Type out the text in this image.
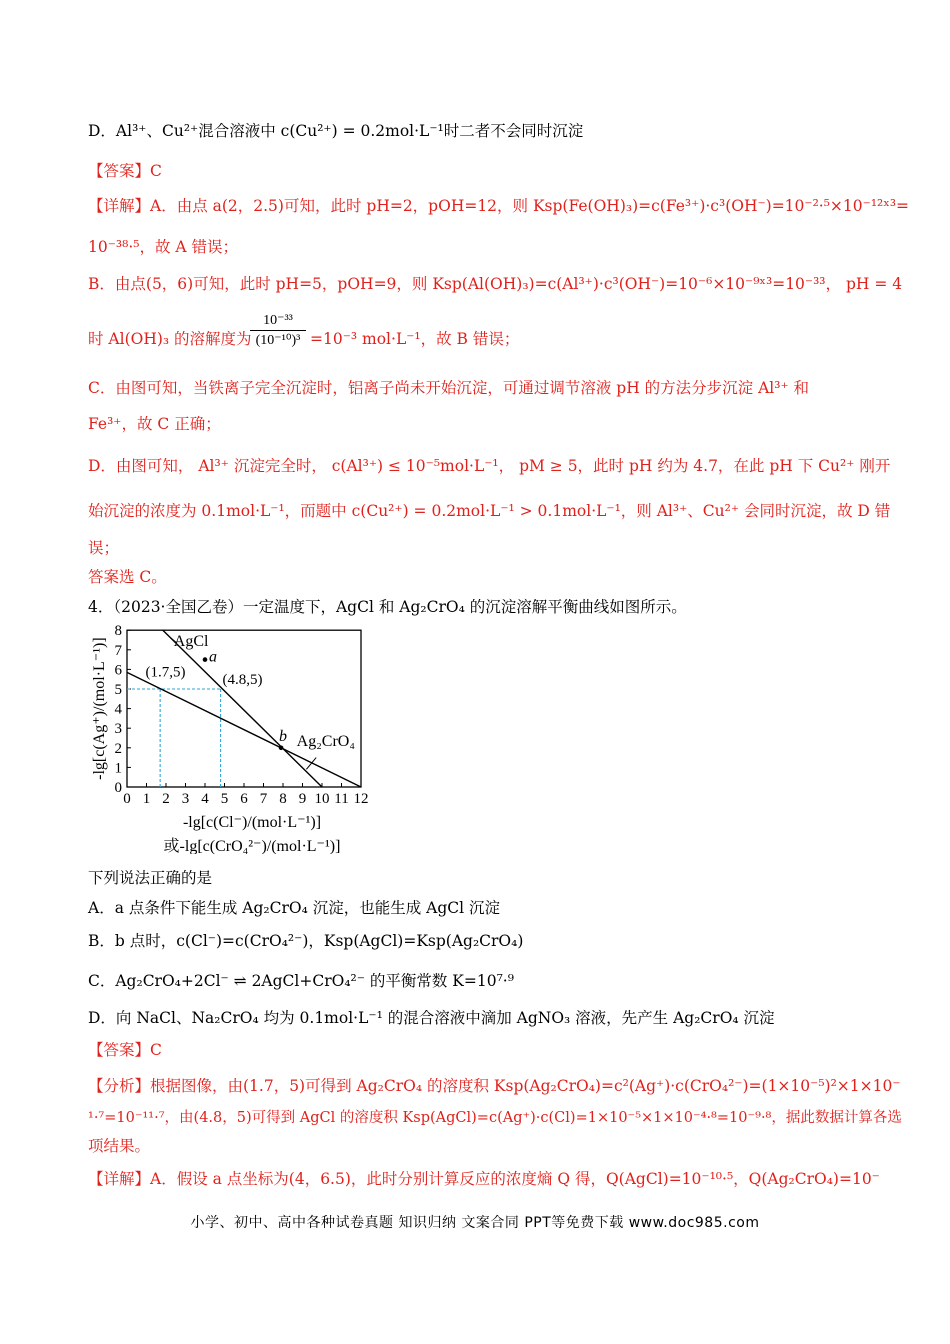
D．Al³⁺、Cu²⁺混合溶液中 c(Cu²⁺) = 0.2mol·L⁻¹时二者不会同时沉淀
【答案】C
【详解】A．由点 a(2，2.5)可知，此时 pH=2，pOH=12，则 Ksp(Fe(OH)₃)=c(Fe³⁺)·c³(OH⁻)=10⁻²·⁵×10⁻¹²ˣ³=
10⁻³⁸·⁵，故 A 错误；
B．由点(5，6)可知，此时 pH=5，pOH=9，则 Ksp(Al(OH)₃)=c(Al³⁺)·c³(OH⁻)=10⁻⁶×10⁻⁹ˣ³=10⁻³³， pH = 4
时 Al(OH)₃ 的溶解度为
10⁻³³
(10⁻¹⁰)³ =10⁻³ mol·L⁻¹，故 B 错误；
C．由图可知，当铁离子完全沉淀时，铝离子尚未开始沉淀，可通过调节溶液 pH 的方法分步沉淀 Al³⁺ 和
Fe³⁺，故 C 正确；
D．由图可知， Al³⁺ 沉淀完全时， c(Al³⁺) ≤ 10⁻⁵mol·L⁻¹， pM ≥ 5，此时 pH 约为 4.7，在此 pH 下 Cu²⁺ 刚开
始沉淀的浓度为 0.1mol·L⁻¹，而题中 c(Cu²⁺) = 0.2mol·L⁻¹ > 0.1mol·L⁻¹，则 Al³⁺、Cu²⁺ 会同时沉淀，故 D 错
误；
答案选 C。
4．（2023·全国乙卷）一定温度下，AgCl 和 Ag₂CrO₄ 的沉淀溶解平衡曲线如图所示。
0
1
2
3
4
5
6
7
8
0 1 2 3 4 5 6 7 8 9 10 11 12
a
b
(1.7,5) (4.8,5)
AgCl
Ag₂CrO₄
-lg[c(Ag⁺)/(mol·L⁻¹)]
-lg[c(Cl⁻)/(mol·L⁻¹)]
或-lg[c(CrO₄²⁻)/(mol·L⁻¹)]
下列说法正确的是
A．a 点条件下能生成 Ag₂CrO₄ 沉淀，也能生成 AgCl 沉淀
B．b 点时，c(Cl⁻)=c(CrO₄²⁻)，Ksp(AgCl)=Ksp(Ag₂CrO₄)
C．Ag₂CrO₄+2Cl⁻ ⇌ 2AgCl+CrO₄²⁻ 的平衡常数 K=10⁷·⁹
D．向 NaCl、Na₂CrO₄ 均为 0.1mol·L⁻¹ 的混合溶液中滴加 AgNO₃ 溶液，先产生 Ag₂CrO₄ 沉淀
【答案】C
【分析】根据图像，由(1.7，5)可得到 Ag₂CrO₄ 的溶度积 Ksp(Ag₂CrO₄)=c²(Ag⁺)·c(CrO₄²⁻)=(1×10⁻⁵)²×1×10⁻
¹·⁷=10⁻¹¹·⁷，由(4.8，5)可得到 AgCl 的溶度积 Ksp(AgCl)=c(Ag⁺)·c(Cl)=1×10⁻⁵×1×10⁻⁴·⁸=10⁻⁹·⁸，据此数据计算各选
项结果。
【详解】A．假设 a 点坐标为(4，6.5)，此时分别计算反应的浓度熵 Q 得，Q(AgCl)=10⁻¹⁰·⁵，Q(Ag₂CrO₄)=10⁻
小学、初中、高中各种试卷真题 知识归纳 文案合同 PPT等免费下载 www.doc985.com
